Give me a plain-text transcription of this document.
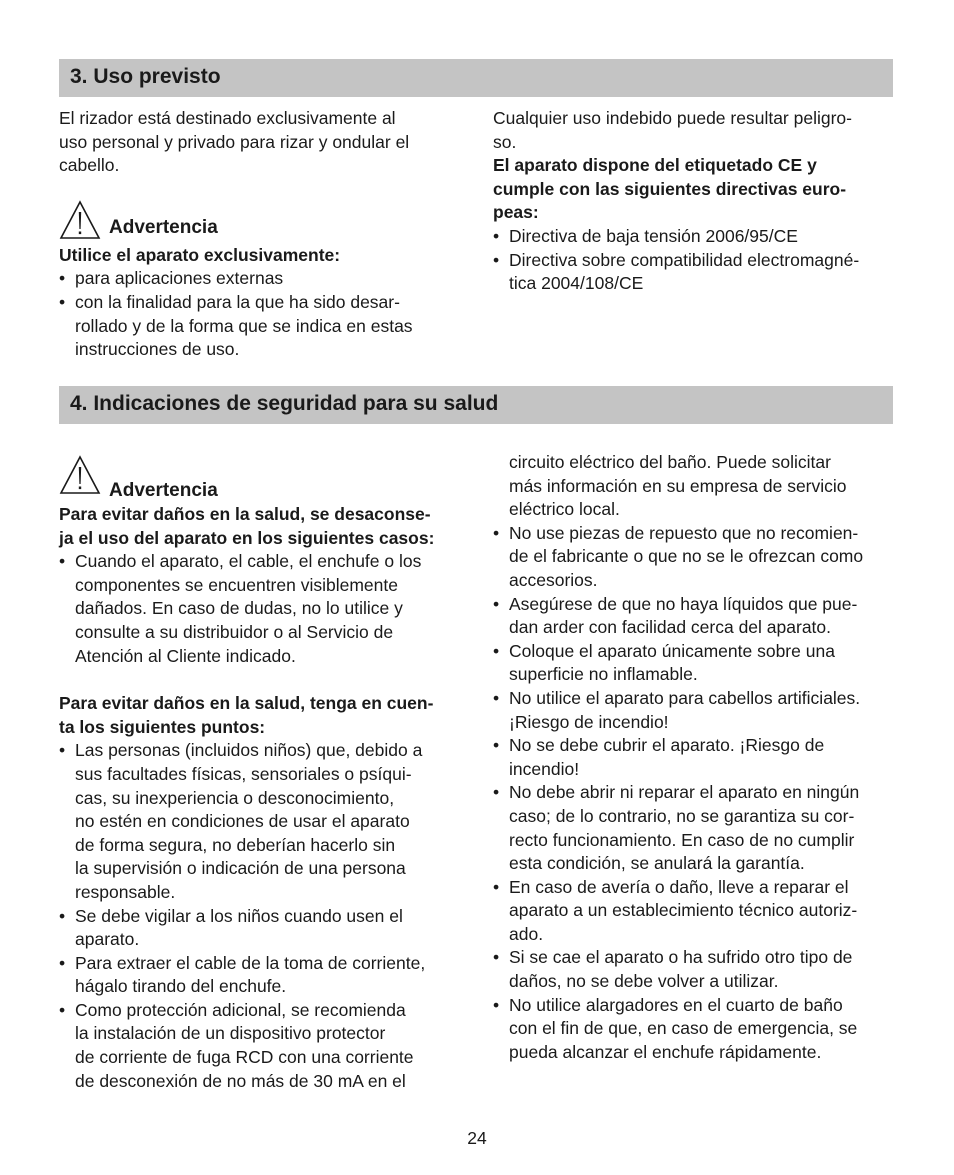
3. Uso previsto

El rizador está destinado exclusivamente al
uso personal y privado para rizar y ondular el
cabello.

Advertencia

Utilice el aparato exclusivamente:

• para aplicaciones externas
• con la finalidad para la que ha sido desar-
rollado y de la forma que se indica en estas
instrucciones de uso.

Cualquier uso indebido puede resultar peligro-
so.

El aparato dispone del etiquetado CE y
cumple con las siguientes directivas euro-
peas:

• Directiva de baja tensión 2006/95/CE
• Directiva sobre compatibilidad electromagné-
tica 2004/108/CE
4. Indicaciones de seguridad para su salud
Advertencia

Para evitar daños en la salud, se desaconse-
ja el uso del aparato en los siguientes casos:

• Cuando el aparato, el cable, el enchufe o los
componentes se encuentren visiblemente
dañados. En caso de dudas, no lo utilice y
consulte a su distribuidor o al Servicio de
Atención al Cliente indicado.

Para evitar daños en la salud, tenga en cuen-
ta los siguientes puntos:

• Las personas (incluidos niños) que, debido a
sus facultades físicas, sensoriales o psíqui-
cas, su inexperiencia o desconocimiento,
no estén en condiciones de usar el aparato
de forma segura, no deberían hacerlo sin
la supervisión o indicación de una persona
responsable.
• Se debe vigilar a los niños cuando usen el
aparato.
• Para extraer el cable de la toma de corriente,
hágalo tirando del enchufe.
• Como protección adicional, se recomienda
la instalación de un dispositivo protector
de corriente de fuga RCD con una corriente
de desconexión de no más de 30 mA en el

circuito eléctrico del baño. Puede solicitar
más información en su empresa de servicio
eléctrico local.

• No use piezas de repuesto que no recomien-
de el fabricante o que no se le ofrezcan como
accesorios.
• Asegúrese de que no haya líquidos que pue-
dan arder con facilidad cerca del aparato.
• Coloque el aparato únicamente sobre una
superficie no inflamable.
• No utilice el aparato para cabellos artificiales.
¡Riesgo de incendio!
• No se debe cubrir el aparato. ¡Riesgo de
incendio!
• No debe abrir ni reparar el aparato en ningún
caso; de lo contrario, no se garantiza su cor-
recto funcionamiento. En caso de no cumplir
esta condición, se anulará la garantía.
• En caso de avería o daño, lleve a reparar el
aparato a un establecimiento técnico autoriz-
ado.
• Si se cae el aparato o ha sufrido otro tipo de
daños, no se debe volver a utilizar.
• No utilice alargadores en el cuarto de baño
con el fin de que, en caso de emergencia, se
pueda alcanzar el enchufe rápidamente.
24
